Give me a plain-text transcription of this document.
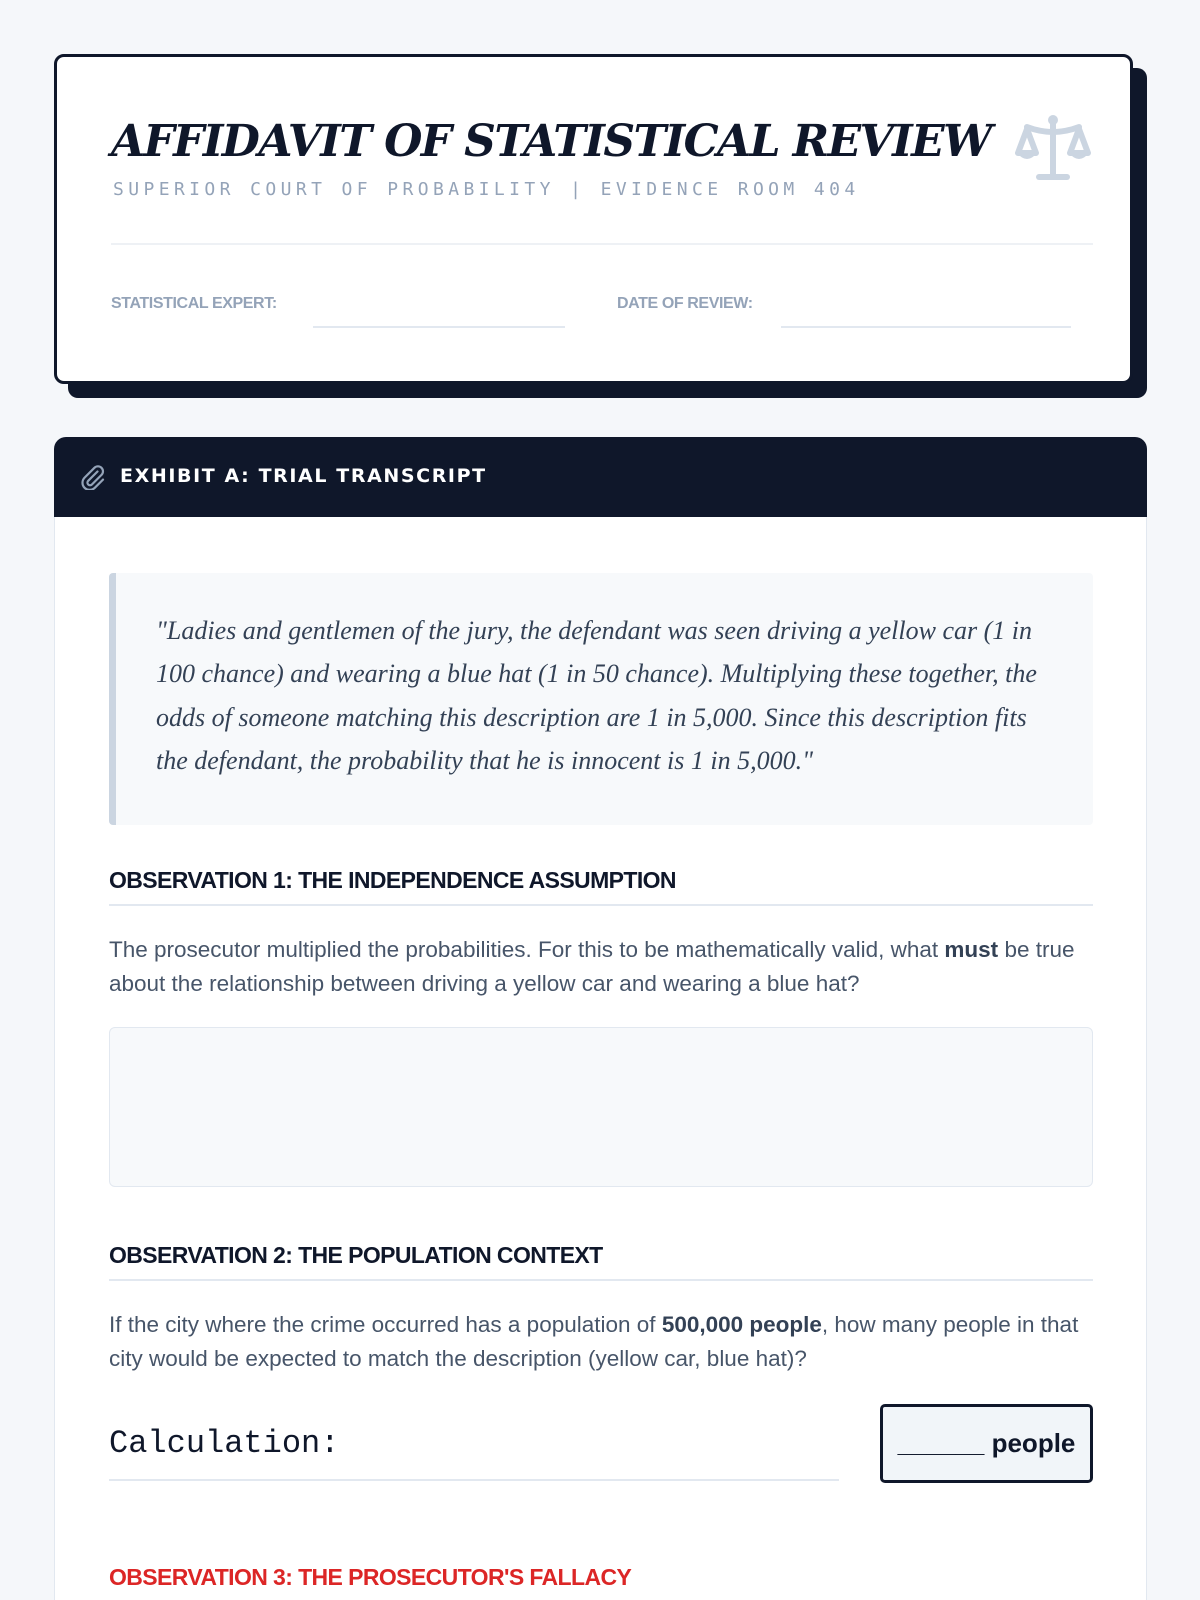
AFFIDAVIT OF STATISTICAL REVIEW
SUPERIOR COURT OF PROBABILITY | EVIDENCE ROOM 404
STATISTICAL EXPERT:	DATE OF REVIEW:
EXHIBIT A: TRIAL TRANSCRIPT
"Ladies and gentlemen of the jury, the defendant was seen driving a yellow car (1 in 100 chance) and wearing a blue hat (1 in 50 chance). Multiplying these together, the odds of someone matching this description are 1 in 5,000. Since this description fits the defendant, the probability that he is innocent is 1 in 5,000."
OBSERVATION 1: THE INDEPENDENCE ASSUMPTION

The prosecutor multiplied the probabilities. For this to be mathematically valid, what must be true about the relationship between driving a yellow car and wearing a blue hat?

OBSERVATION 2: THE POPULATION CONTEXT

If the city where the crime occurred has a population of 500,000 people, how many people in that city would be expected to match the description (yellow car, blue hat)?

Calculation:	______ people
OBSERVATION 3: THE PROSECUTOR'S FALLACY
